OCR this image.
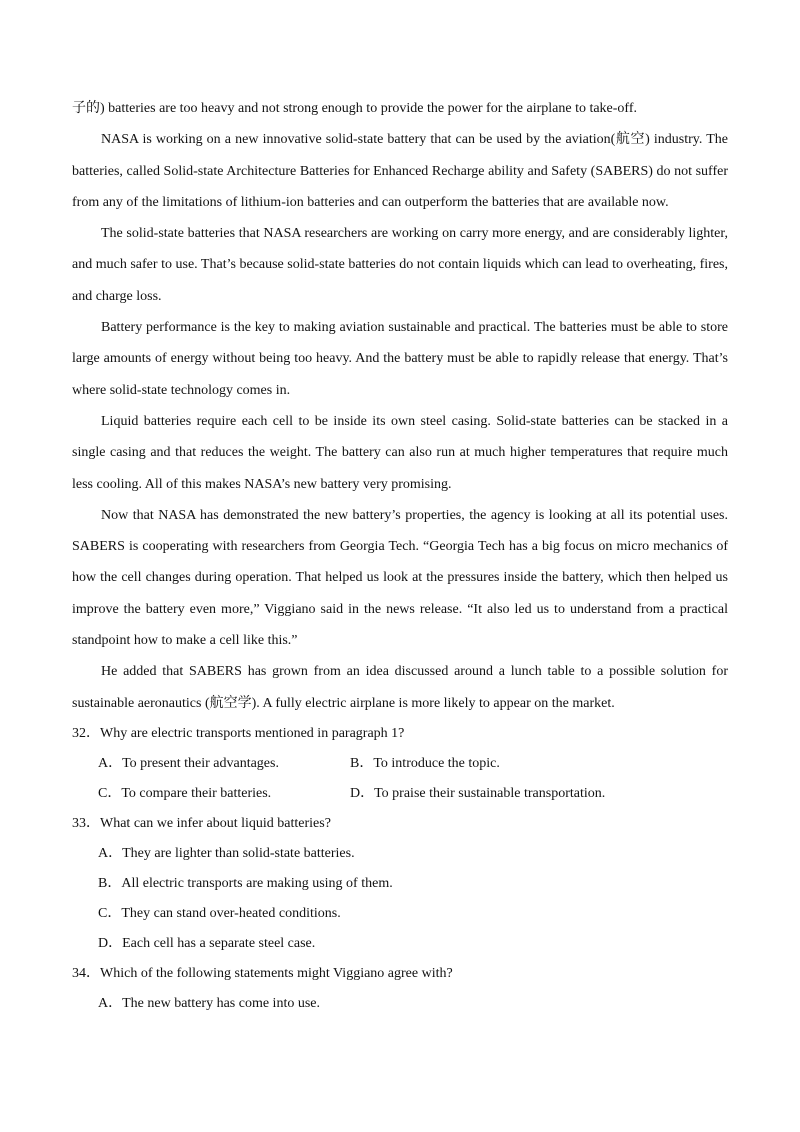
子的) batteries are too heavy and not strong enough to provide the power for the airplane to take-off.

NASA is working on a new innovative solid-state battery that can be used by the aviation(航空) industry. The batteries, called Solid-state Architecture Batteries for Enhanced Recharge ability and Safety (SABERS) do not suffer from any of the limitations of lithium-ion batteries and can outperform the batteries that are available now.

The solid-state batteries that NASA researchers are working on carry more energy, and are considerably lighter, and much safer to use. That’s because solid-state batteries do not contain liquids which can lead to overheating, fires, and charge loss.

Battery performance is the key to making aviation sustainable and practical. The batteries must be able to store large amounts of energy without being too heavy. And the battery must be able to rapidly release that energy. That’s where solid-state technology comes in.

Liquid batteries require each cell to be inside its own steel casing. Solid-state batteries can be stacked in a single casing and that reduces the weight. The battery can also run at much higher temperatures that require much less cooling. All of this makes NASA’s new battery very promising.

Now that NASA has demonstrated the new battery’s properties, the agency is looking at all its potential uses. SABERS is cooperating with researchers from Georgia Tech. “Georgia Tech has a big focus on micro mechanics of how the cell changes during operation. That helped us look at the pressures inside the battery, which then helped us improve the battery even more,” Viggiano said in the news release. “It also led us to understand from a practical standpoint how to make a cell like this.”

He added that SABERS has grown from an idea discussed around a lunch table to a possible solution for sustainable aeronautics (航空学). A fully electric airplane is more likely to appear on the market.

32．Why are electric transports mentioned in paragraph 1?

A．To present their advantages.	B．To introduce the topic.
C．To compare their batteries.	D．To praise their sustainable transportation.

33．What can we infer about liquid batteries?

A．They are lighter than solid-state batteries.
B．All electric transports are making using of them.
C．They can stand over-heated conditions.
D．Each cell has a separate steel case.

34．Which of the following statements might Viggiano agree with?

A．The new battery has come into use.
